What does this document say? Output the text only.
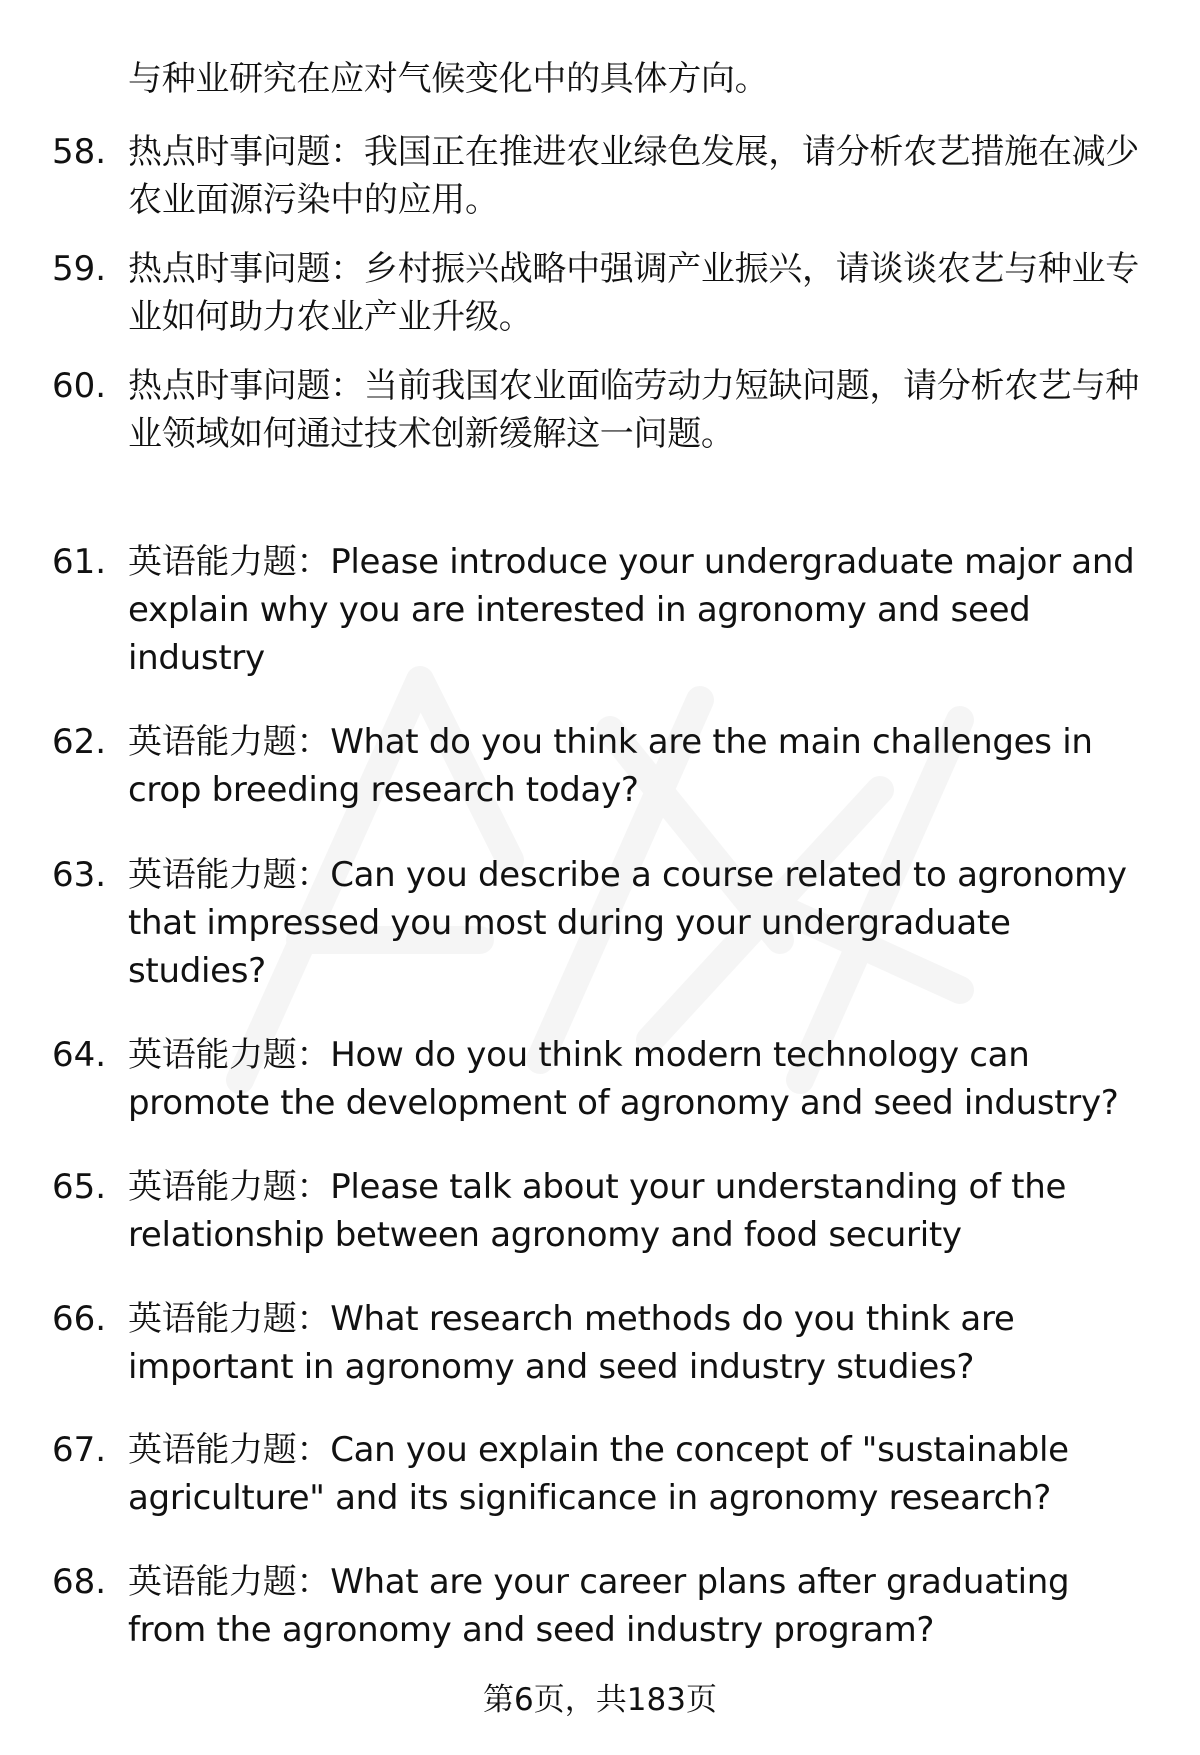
与种业研究在应对气候变化中的具体方向。
58. 热点时事问题：我国正在推进农业绿色发展，请分析农艺措施在减少农业面源污染中的应用。
59. 热点时事问题：乡村振兴战略中强调产业振兴，请谈谈农艺与种业专业如何助力农业产业升级。
60. 热点时事问题：当前我国农业面临劳动力短缺问题，请分析农艺与种业领域如何通过技术创新缓解这一问题。
61. 英语能力题：Please introduce your undergraduate major and explain why you are interested in agronomy and seed industry
62. 英语能力题：What do you think are the main challenges in crop breeding research today?
63. 英语能力题：Can you describe a course related to agronomy that impressed you most during your undergraduate studies?
64. 英语能力题：How do you think modern technology can promote the development of agronomy and seed industry?
65. 英语能力题：Please talk about your understanding of the relationship between agronomy and food security
66. 英语能力题：What research methods do you think are important in agronomy and seed industry studies?
67. 英语能力题：Can you explain the concept of "sustainable agriculture" and its significance in agronomy research?
68. 英语能力题：What are your career plans after graduating from the agronomy and seed industry program?
第6页，共183页
